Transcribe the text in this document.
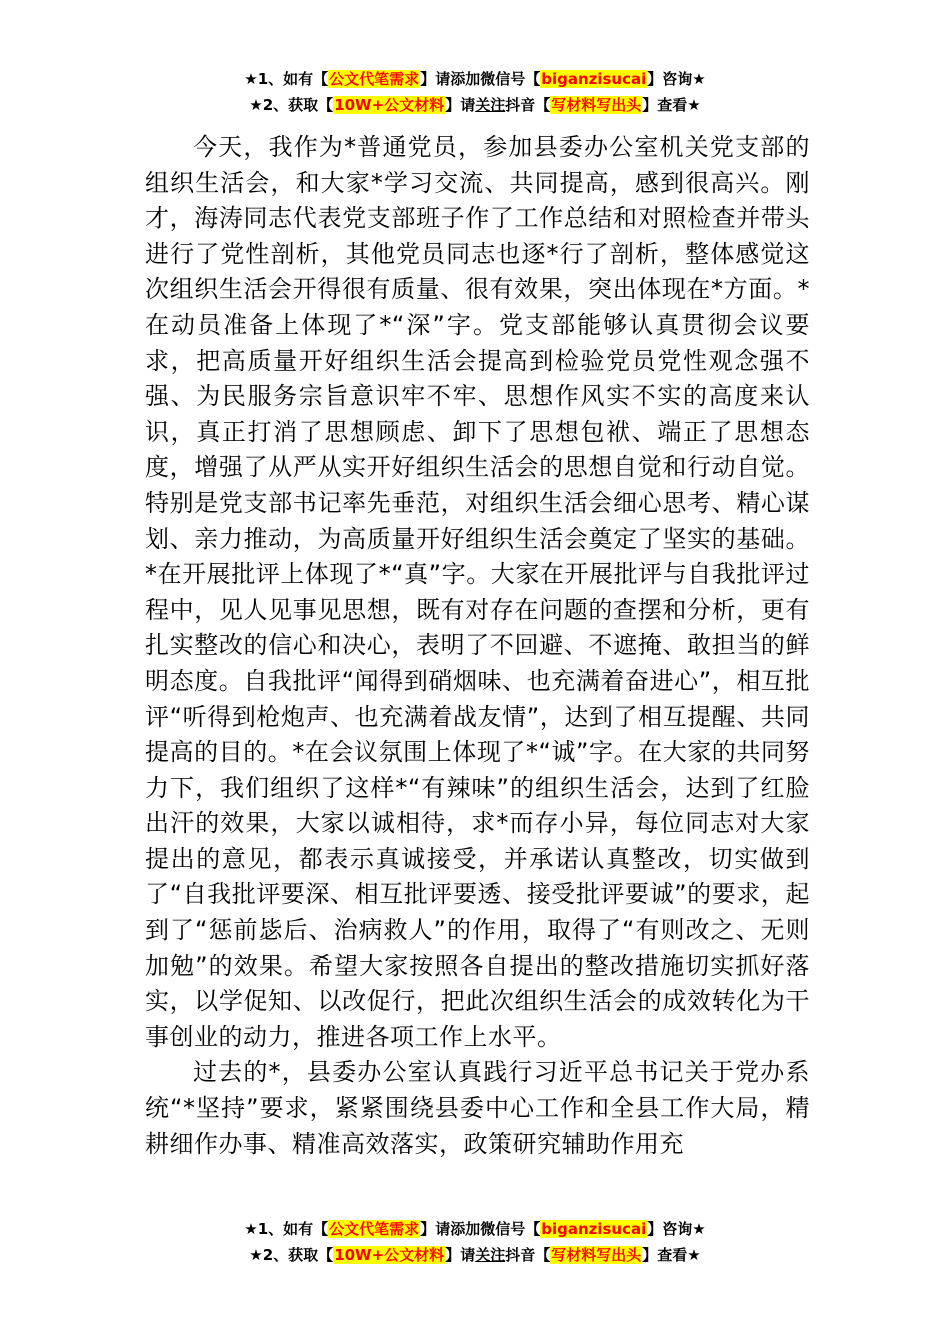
★1、如有【公文代笔需求】请添加微信号【biganzisucai】咨询★
★2、获取【10W+公文材料】请关注抖音【写材料写出头】查看★

今天，我作为*普通党员，参加县委办公室机关党支部的组织生活会，和大家*学习交流、共同提高，感到很高兴。刚才，海涛同志代表党支部班子作了工作总结和对照检查并带头进行了党性剖析，其他党员同志也逐*行了剖析，整体感觉这次组织生活会开得很有质量、很有效果，突出体现在*方面。*在动员准备上体现了*“深”字。党支部能够认真贯彻会议要求，把高质量开好组织生活会提高到检验党员党性观念强不强、为民服务宗旨意识牢不牢、思想作风实不实的高度来认识，真正打消了思想顾虑、卸下了思想包袱、端正了思想态度，增强了从严从实开好组织生活会的思想自觉和行动自觉。特别是党支部书记率先垂范，对组织生活会细心思考、精心谋划、亲力推动，为高质量开好组织生活会奠定了坚实的基础。*在开展批评上体现了*“真”字。大家在开展批评与自我批评过程中，见人见事见思想，既有对存在问题的查摆和分析，更有扎实整改的信心和决心，表明了不回避、不遮掩、敢担当的鲜明态度。自我批评“闻得到硝烟味、也充满着奋进心”，相互批评“听得到枪炮声、也充满着战友情”，达到了相互提醒、共同提高的目的。*在会议氛围上体现了*“诚”字。在大家的共同努力下，我们组织了这样*“有辣味”的组织生活会，达到了红脸出汗的效果，大家以诚相待，求*而存小异，每位同志对大家提出的意见，都表示真诚接受，并承诺认真整改，切实做到了“自我批评要深、相互批评要透、接受批评要诚”的要求，起到了“惩前毖后、治病救人”的作用，取得了“有则改之、无则加勉”的效果。希望大家按照各自提出的整改措施切实抓好落实，以学促知、以改促行，把此次组织生活会的成效转化为干事创业的动力，推进各项工作上水平。

过去的*，县委办公室认真践行习近平总书记关于党办系统“*坚持”要求，紧紧围绕县委中心工作和全县工作大局，精耕细作办事、精准高效落实，政策研究辅助作用充

★1、如有【公文代笔需求】请添加微信号【biganzisucai】咨询★
★2、获取【10W+公文材料】请关注抖音【写材料写出头】查看★
